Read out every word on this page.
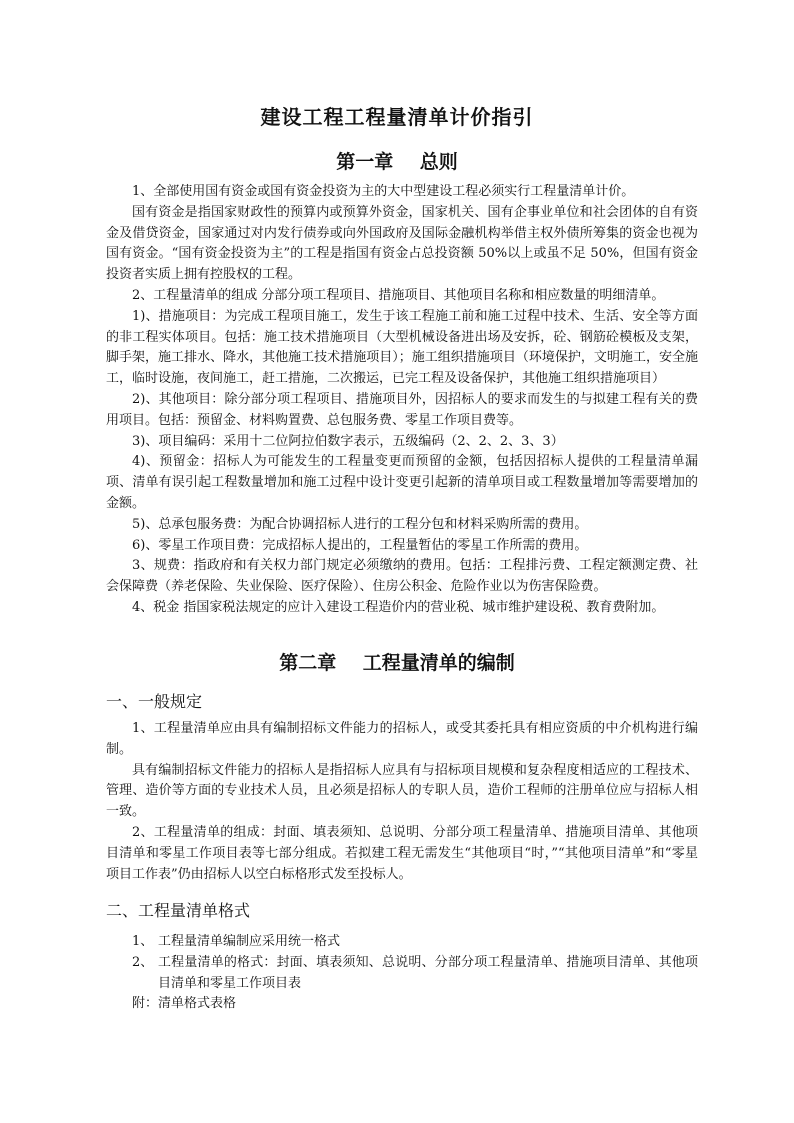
建设工程工程量清单计价指引
第一章    总则

1、全部使用国有资金或国有资金投资为主的大中型建设工程必须实行工程量清单计价。

国有资金是指国家财政性的预算内或预算外资金，国家机关、国有企事业单位和社会团体的自有资金及借贷资金，国家通过对内发行债券或向外国政府及国际金融机构举借主权外债所筹集的资金也视为国有资金。“国有资金投资为主”的工程是指国有资金占总投资额 50%以上或虽不足 50%，但国有资金投资者实质上拥有控股权的工程。

2、工程量清单的组成 分部分项工程项目、措施项目、其他项目名称和相应数量的明细清单。

1)、措施项目：为完成工程项目施工，发生于该工程施工前和施工过程中技术、生活、安全等方面的非工程实体项目。包括：施工技术措施项目（大型机械设备进出场及安拆，砼、钢筋砼模板及支架，脚手架，施工排水、降水，其他施工技术措施项目）；施工组织措施项目（环境保护，文明施工，安全施工，临时设施，夜间施工，赶工措施，二次搬运，已完工程及设备保护，其他施工组织措施项目）

2)、其他项目：除分部分项工程项目、措施项目外，因招标人的要求而发生的与拟建工程有关的费用项目。包括：预留金、材料购置费、总包服务费、零星工作项目费等。

3)、项目编码：采用十二位阿拉伯数字表示，五级编码（2、2、2、3、3）

4)、预留金：招标人为可能发生的工程量变更而预留的金额，包括因招标人提供的工程量清单漏项、清单有误引起工程数量增加和施工过程中设计变更引起新的清单项目或工程数量增加等需要增加的金额。

5)、总承包服务费：为配合协调招标人进行的工程分包和材料采购所需的费用。

6)、零星工作项目费：完成招标人提出的，工程量暂估的零星工作所需的费用。

3、规费：指政府和有关权力部门规定必须缴纳的费用。包括：工程排污费、工程定额测定费、社会保障费（养老保险、失业保险、医疗保险）、住房公积金、危险作业以为伤害保险费。

4、税金 指国家税法规定的应计入建设工程造价内的营业税、城市维护建设税、教育费附加。

第二章    工程量清单的编制
一、一般规定

1、工程量清单应由具有编制招标文件能力的招标人，或受其委托具有相应资质的中介机构进行编制。

具有编制招标文件能力的招标人是指招标人应具有与招标项目规模和复杂程度相适应的工程技术、管理、造价等方面的专业技术人员，且必须是招标人的专职人员，造价工程师的注册单位应与招标人相一致。

2、工程量清单的组成：封面、填表须知、总说明、分部分项工程量清单、措施项目清单、其他项目清单和零星工作项目表等七部分组成。若拟建工程无需发生“其他项目“时，”“其他项目清单”和“零星项目工作表”仍由招标人以空白标格形式发至投标人。

二、工程量清单格式

1、 工程量清单编制应采用统一格式

2、 工程量清单的格式：封面、填表须知、总说明、分部分项工程量清单、措施项目清单、其他项目清单和零星工作项目表

附：清单格式表格
